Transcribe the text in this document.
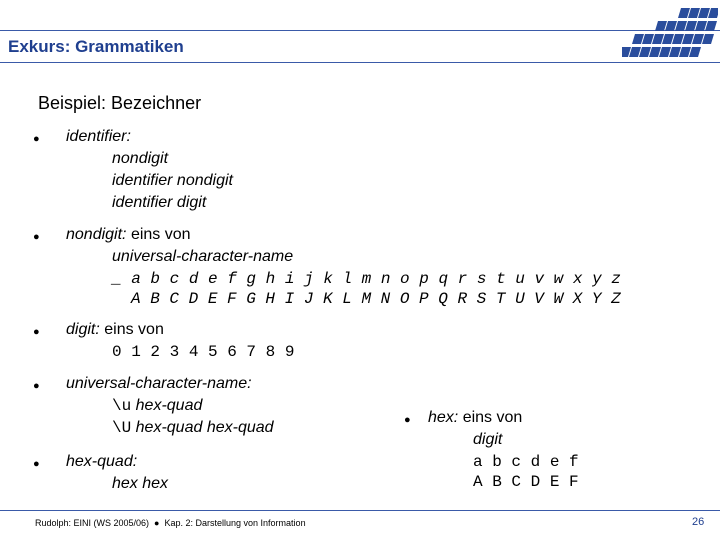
Exkurs: Grammatiken
Beispiel: Bezeichner
● identifier:
nondigit
identifier nondigit
identifier digit
● nondigit: eins von
universal-character-name
_ a b c d e f g h i j k l m n o p q r s t u v w x y z
A B C D E F G H I J K L M N O P Q R S T U V W X Y Z
● digit: eins von
0 1 2 3 4 5 6 7 8 9
● universal-character-name:
\u hex-quad
\U hex-quad hex-quad
● hex-quad:
hex hex
● hex: eins von
digit
a b c d e f
A B C D E F
Rudolph: EINI (WS 2005/06)  ●  Kap. 2: Darstellung von Information	26
